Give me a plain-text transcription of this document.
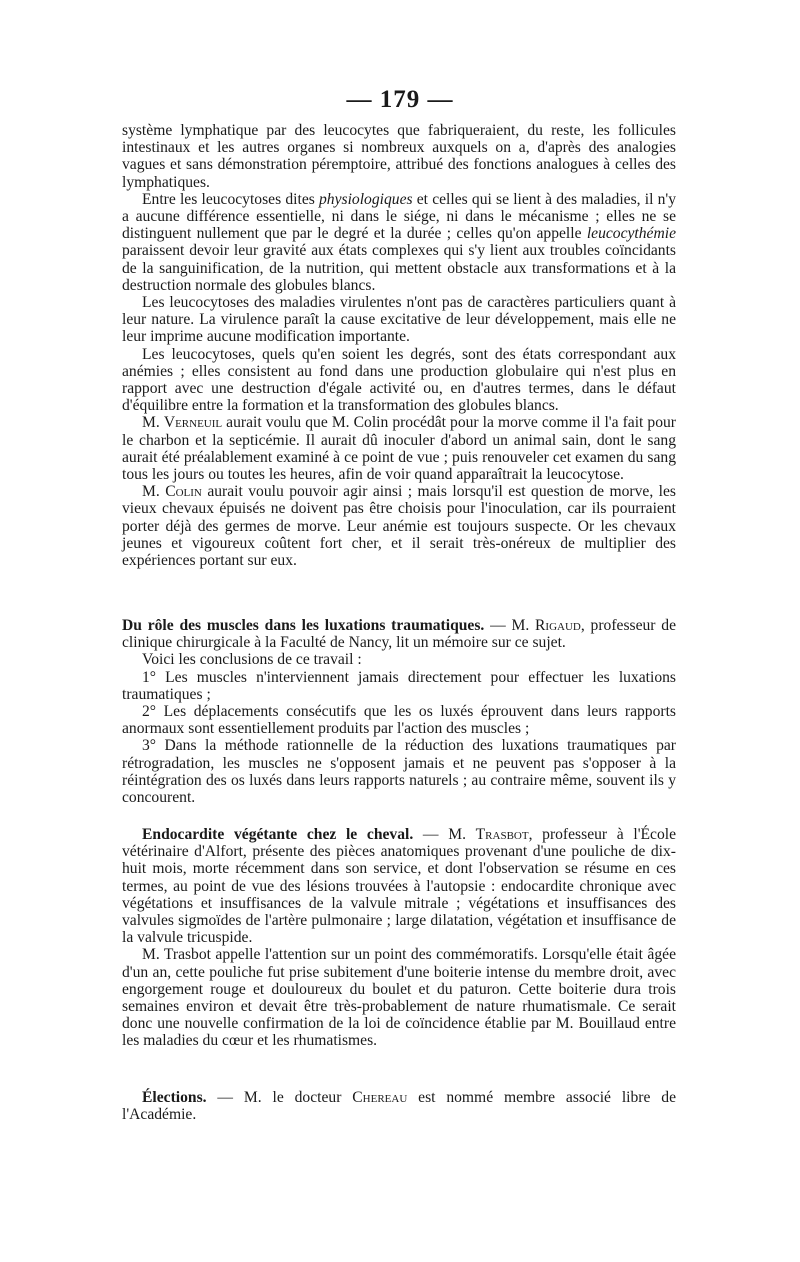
— 179 —

système lymphatique par des leucocytes que fabriqueraient, du reste, les follicules intestinaux et les autres organes si nombreux auxquels on a, d'après des analogies vagues et sans démonstration péremptoire, attribué des fonctions analogues à celles des lymphatiques.

Entre les leucocytoses dites physiologiques et celles qui se lient à des maladies, il n'y a aucune différence essentielle, ni dans le siége, ni dans le mécanisme ; elles ne se distinguent nullement que par le degré et la durée ; celles qu'on appelle leucocythémie paraissent devoir leur gravité aux états complexes qui s'y lient aux troubles coïncidants de la sanguinification, de la nutrition, qui mettent obstacle aux transformations et à la destruction normale des globules blancs.

Les leucocytoses des maladies virulentes n'ont pas de caractères particuliers quant à leur nature. La virulence paraît la cause excitative de leur développement, mais elle ne leur imprime aucune modification importante.

Les leucocytoses, quels qu'en soient les degrés, sont des états correspondant aux anémies ; elles consistent au fond dans une production globulaire qui n'est plus en rapport avec une destruction d'égale activité ou, en d'autres termes, dans le défaut d'équilibre entre la formation et la transformation des globules blancs.

M. Verneuil aurait voulu que M. Colin procédât pour la morve comme il l'a fait pour le charbon et la septicémie. Il aurait dû inoculer d'abord un animal sain, dont le sang aurait été préalablement examiné à ce point de vue ; puis renouveler cet examen du sang tous les jours ou toutes les heures, afin de voir quand apparaîtrait la leucocytose.

M. Colin aurait voulu pouvoir agir ainsi ; mais lorsqu'il est question de morve, les vieux chevaux épuisés ne doivent pas être choisis pour l'inoculation, car ils pourraient porter déjà des germes de morve. Leur anémie est toujours suspecte. Or les chevaux jeunes et vigoureux coûtent fort cher, et il serait très-onéreux de multiplier des expériences portant sur eux.

Du rôle des muscles dans les luxations traumatiques. — M. Rigaud, professeur de clinique chirurgicale à la Faculté de Nancy, lit un mémoire sur ce sujet.

Voici les conclusions de ce travail :

1° Les muscles n'interviennent jamais directement pour effectuer les luxations traumatiques ;

2° Les déplacements consécutifs que les os luxés éprouvent dans leurs rapports anormaux sont essentiellement produits par l'action des muscles ;

3° Dans la méthode rationnelle de la réduction des luxations traumatiques par rétrogradation, les muscles ne s'opposent jamais et ne peuvent pas s'opposer à la réintégration des os luxés dans leurs rapports naturels ; au contraire même, souvent ils y concourent.

Endocardite végétante chez le cheval. — M. Trasbot, professeur à l'École vétérinaire d'Alfort, présente des pièces anatomiques provenant d'une pouliche de dix-huit mois, morte récemment dans son service, et dont l'observation se résume en ces termes, au point de vue des lésions trouvées à l'autopsie : endocardite chronique avec végétations et insuffisances de la valvule mitrale ; végétations et insuffisances des valvules sigmoïdes de l'artère pulmonaire ; large dilatation, végétation et insuffisance de la valvule tricuspide.

M. Trasbot appelle l'attention sur un point des commémoratifs. Lorsqu'elle était âgée d'un an, cette pouliche fut prise subitement d'une boiterie intense du membre droit, avec engorgement rouge et douloureux du boulet et du paturon. Cette boiterie dura trois semaines environ et devait être très-probablement de nature rhumatismale. Ce serait donc une nouvelle confirmation de la loi de coïncidence établie par M. Bouillaud entre les maladies du cœur et les rhumatismes.

Élections. — M. le docteur Chereau est nommé membre associé libre de l'Académie.
